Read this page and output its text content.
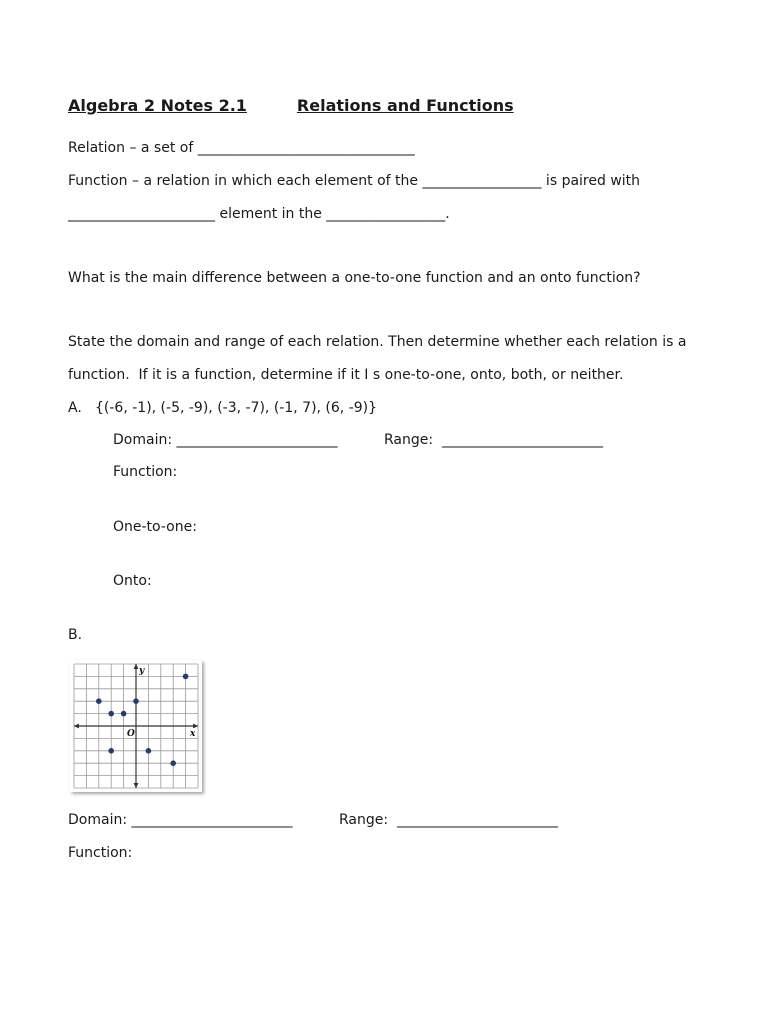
Algebra 2 Notes 2.1	Relations and Functions
Relation – a set of _______________________________
Function – a relation in which each element of the _________________ is paired with
_____________________ element in the _________________.
What is the main difference between a one-to-one function and an onto function?
State the domain and range of each relation. Then determine whether each relation is a
function.  If it is a function, determine if it I s one-to-one, onto, both, or neither.
A. {(-6, -1), (-5, -9), (-3, -7), (-1, 7), (6, -9)}
Domain: _______________________	Range:  _______________________
Function:
One-to-one:
Onto:
B.
x
y
O
Domain: _______________________	Range:  _______________________
Function:
